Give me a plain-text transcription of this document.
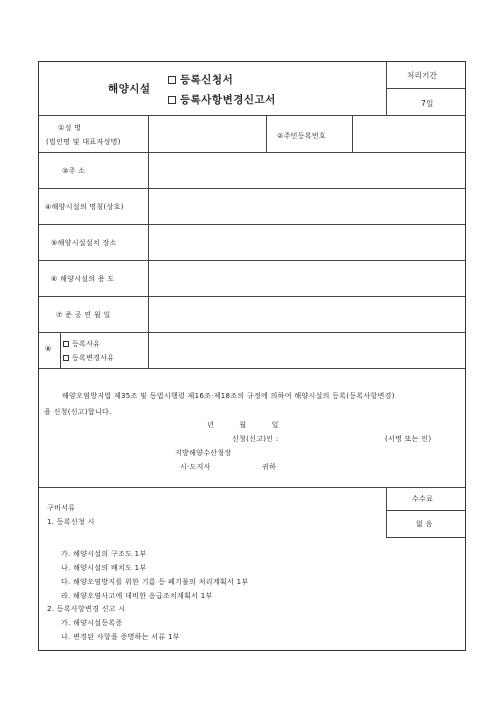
해양시설
등록신청서
등록사항변경신고서
처리기간
7일
①성 명
(법인명 및 대표자성명)
②주민등록번호
③주 소
④해양시설의 명칭(상호)
⑤해양시설설치 장소
⑥ 해양시설의 용 도
⑦ 준 공 연 월 일
⑧
등록사유
등록변경사유
해양오염방지법 제35조 및 동법시행령 제16조·제18조의 규정에 의하여 해양시설의 등록(등록사항변경)
을 신청(신고)합니다.
년          월          일
신청(신고)인 :	(서명 또는 인)
지방해양수산청장
시·도지사	귀하
구비서류
수수료
없 음
1. 등록신청 시
가. 해양시설의 구조도 1부
나. 해양시설의 배치도 1부
다. 해양오염방지를 위한 기름 등 폐기물의 처리계획서 1부
라. 해양오염사고에 대비한 응급조치계획서 1부
2. 등록사항변경 신고 시
가. 해양시설등록증
나. 변경된 사항을 증명하는 서류 1부
